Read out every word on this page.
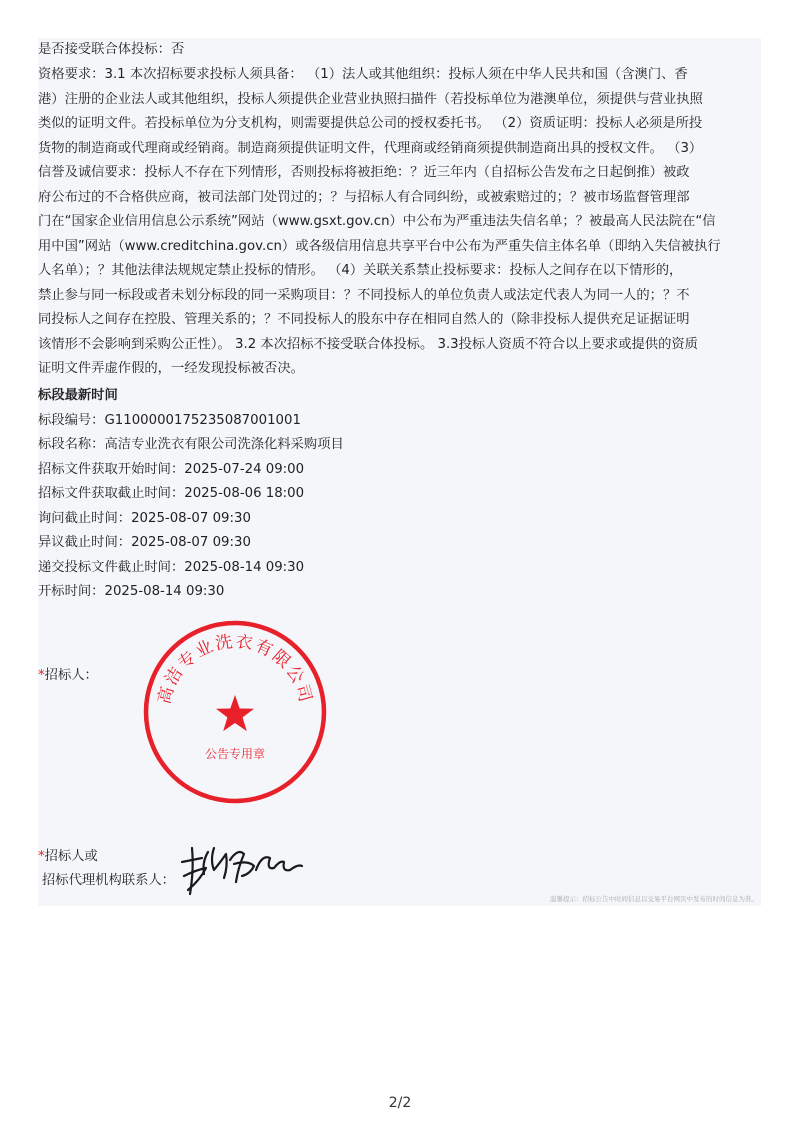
是否接受联合体投标：否
资格要求：3.1 本次招标要求投标人须具备： （1）法人或其他组织：投标人须在中华人民共和国（含澳门、香
港）注册的企业法人或其他组织，投标人须提供企业营业执照扫描件（若投标单位为港澳单位，须提供与营业执照
类似的证明文件。若投标单位为分支机构，则需要提供总公司的授权委托书。 （2）资质证明：投标人必须是所投
货物的制造商或代理商或经销商。制造商须提供证明文件，代理商或经销商须提供制造商出具的授权文件。 （3）
信誉及诚信要求：投标人不存在下列情形，否则投标将被拒绝：？近三年内（自招标公告发布之日起倒推）被政
府公布过的不合格供应商，被司法部门处罚过的；？与招标人有合同纠纷，或被索赔过的；？被市场监督管理部
门在“国家企业信用信息公示系统”网站（www.gsxt.gov.cn）中公布为严重违法失信名单；？被最高人民法院在“信
用中国”网站（www.creditchina.gov.cn）或各级信用信息共享平台中公布为严重失信主体名单（即纳入失信被执行
人名单）；？其他法律法规规定禁止投标的情形。 （4）关联关系禁止投标要求：投标人之间存在以下情形的，
禁止参与同一标段或者未划分标段的同一采购项目：？不同投标人的单位负责人或法定代表人为同一人的；？不
同投标人之间存在控股、管理关系的；？不同投标人的股东中存在相同自然人的（除非投标人提供充足证据证明
该情形不会影响到采购公正性）。 3.2 本次招标不接受联合体投标。 3.3投标人资质不符合以上要求或提供的资质
证明文件弄虚作假的，一经发现投标被否决。
标段最新时间
标段编号：G1100000175235087001001
标段名称：高洁专业洗衣有限公司洗涤化料采购项目
招标文件获取开始时间：2025-07-24 09:00
招标文件获取截止时间：2025-08-06 18:00
询问截止时间：2025-08-07 09:30
异议截止时间：2025-08-07 09:30
递交投标文件截止时间：2025-08-14 09:30
开标时间：2025-08-14 09:30
*招标人：
高洁专业洗衣有限公司
公告专用章
*招标人或
招标代理机构联系人：
温馨提示：招标公告中时间信息以交易平台网页中发布的时间信息为准。
2/2
